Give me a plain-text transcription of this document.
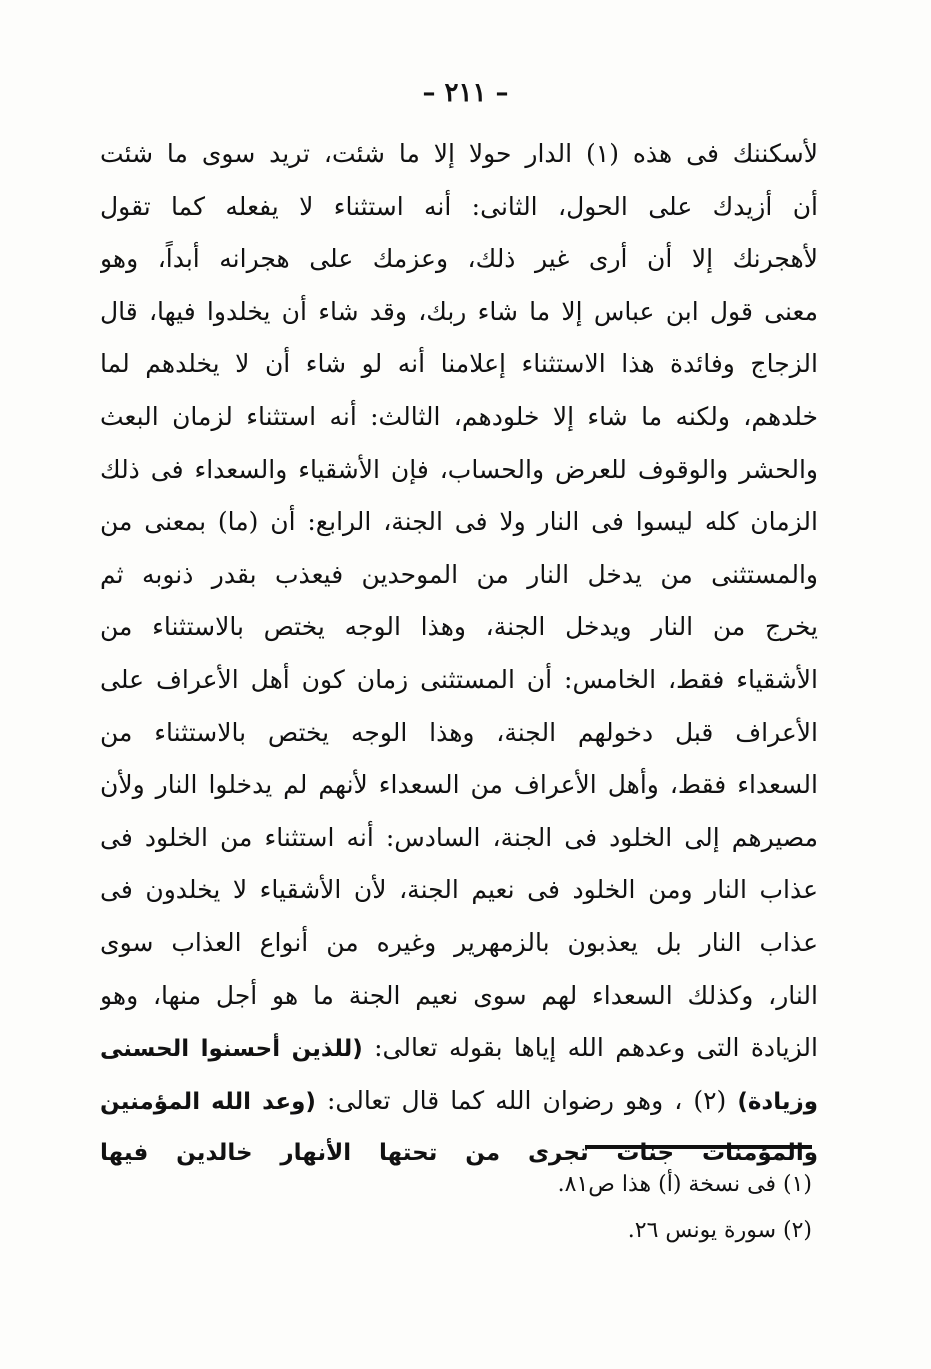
– ٢١١ –
لأسكننك فى هذه (١) الدار حولا إلا ما شئت، تريد سوى ما شئت
أن أزيدك على الحول، الثانى: أنه استثناء لا يفعله كما تقول
لأهجرنك إلا أن أرى غير ذلك، وعزمك على هجرانه أبداً، وهو
معنى قول ابن عباس إلا ما شاء ربك، وقد شاء أن يخلدوا فيها، قال
الزجاج وفائدة هذا الاستثناء إعلامنا أنه لو شاء أن لا يخلدهم لما
خلدهم، ولكنه ما شاء إلا خلودهم، الثالث: أنه استثناء لزمان البعث
والحشر والوقوف للعرض والحساب، فإن الأشقياء والسعداء فى ذلك
الزمان كله ليسوا فى النار ولا فى الجنة، الرابع: أن (ما) بمعنى من
والمستثنى من يدخل النار من الموحدين فيعذب بقدر ذنوبه ثم
يخرج من النار ويدخل الجنة، وهذا الوجه يختص بالاستثناء من
الأشقياء فقط، الخامس: أن المستثنى زمان كون أهل الأعراف على
الأعراف قبل دخولهم الجنة، وهذا الوجه يختص بالاستثناء من
السعداء فقط، وأهل الأعراف من السعداء لأنهم لم يدخلوا النار ولأن
مصيرهم إلى الخلود فى الجنة، السادس: أنه استثناء من الخلود فى
عذاب النار ومن الخلود فى نعيم الجنة، لأن الأشقياء لا يخلدون فى
عذاب النار بل يعذبون بالزمهرير وغيره من أنواع العذاب سوى
النار، وكذلك السعداء لهم سوى نعيم الجنة ما هو أجل منها، وهو
الزيادة التى وعدهم الله إياها بقوله تعالى: (للذين أحسنوا الحسنى
وزيادة) (٢) ، وهو رضوان الله كما قال تعالى: (وعد الله المؤمنين
والمؤمنات جنات تجرى من تحتها الأنهار خالدين فيها
(١) فى نسخة (أ) هذا ص٨١.
(٢) سورة يونس ٢٦.
